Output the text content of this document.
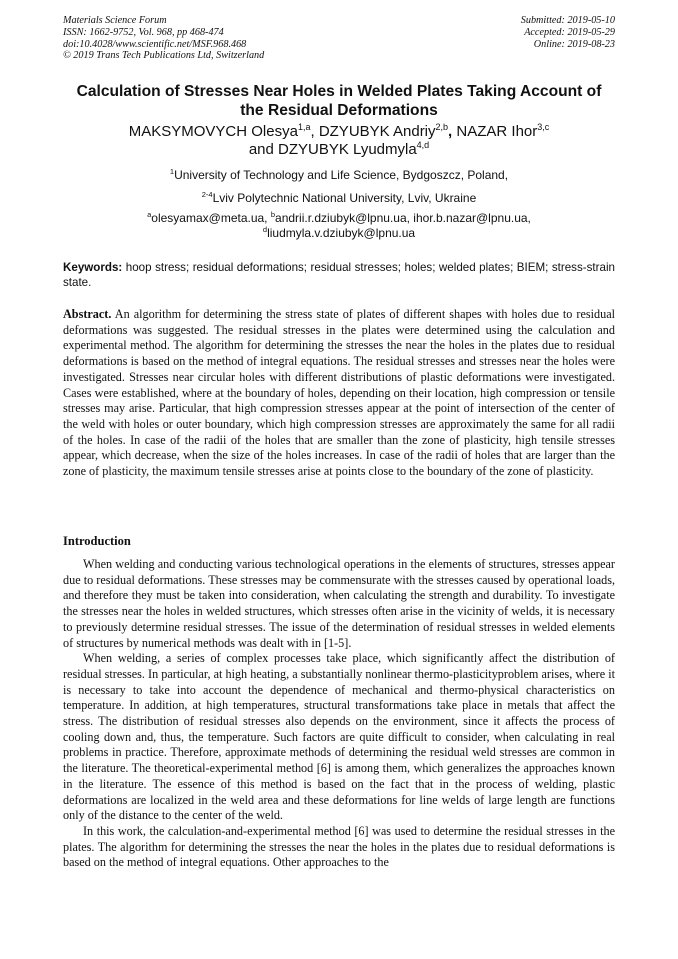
Materials Science Forum
ISSN: 1662-9752, Vol. 968, pp 468-474
doi:10.4028/www.scientific.net/MSF.968.468
© 2019 Trans Tech Publications Ltd, Switzerland
Submitted: 2019-05-10
Accepted: 2019-05-29
Online: 2019-08-23
Calculation of Stresses Near Holes in Welded Plates Taking Account of the Residual Deformations
MAKSYMOVYCH Olesya$^{1,a}$, DZYUBYK Andriy$^{2,b}$, NAZAR Ihor$^{3,c}$
and DZYUBYK Lyudmyla$^{4,d}$
$^1$University of Technology and Life Science, Bydgoszcz, Poland,
$^{2-4}$Lviv Polytechnic National University, Lviv, Ukraine
$^a$olesyamax@meta.ua, $^b$andrii.r.dziubyk@lpnu.ua, ihor.b.nazar@lpnu.ua,
$^d$liudmyla.v.dziubyk@lpnu.ua
Keywords: hoop stress; residual deformations; residual stresses; holes; welded plates; BIEM; stress-strain state.
Abstract. An algorithm for determining the stress state of plates of different shapes with holes due to residual deformations was suggested. The residual stresses in the plates were determined using the calculation and experimental method. The algorithm for determining the stresses the near the holes in the plates due to residual deformations is based on the method of integral equations. The residual stresses and stresses near the holes were investigated. Stresses near circular holes with different distributions of plastic deformations were investigated. Cases were established, where at the boundary of holes, depending on their location, high compression or tensile stresses may arise. Particular, that high compression stresses appear at the point of intersection of the center of the weld with holes or outer boundary, which high compression stresses are approximately the same for all radii of the holes. In case of the radii of the holes that are smaller than the zone of plasticity, high tensile stresses appear, which decrease, when the size of the holes increases. In case of the radii of holes that are larger than the zone of plasticity, the maximum tensile stresses arise at points close to the boundary of the zone of plasticity.
Introduction

When welding and conducting various technological operations in the elements of structures, stresses appear due to residual deformations. These stresses may be commensurate with the stresses caused by operational loads, and therefore they must be taken into consideration, when calculating the strength and durability. To investigate the stresses near the holes in welded structures, which stresses often arise in the vicinity of welds, it is necessary to previously determine residual stresses. The issue of the determination of residual stresses in welded elements of structures by numerical methods was dealt with in [1-5].

When welding, a series of complex processes take place, which significantly affect the distribution of residual stresses. In particular, at high heating, a substantially nonlinear thermo-plasticityproblem arises, where it is necessary to take into account the dependence of mechanical and thermo-physical characteristics on temperature. In addition, at high temperatures, structural transformations take place in metals that affect the stress. The distribution of residual stresses also depends on the environment, since it affects the process of cooling down and, thus, the temperature. Such factors are quite difficult to consider, when calculating in real problems in practice. Therefore, approximate methods of determining the residual weld stresses are common in the literature. The theoretical-experimental method [6] is among them, which generalizes the approaches known in the literature. The essence of this method is based on the fact that in the process of welding, plastic deformations are localized in the weld area and these deformations for line welds of large length are functions only of the distance to the center of the weld.

In this work, the calculation-and-experimental method [6] was used to determine the residual stresses in the plates. The algorithm for determining the stresses the near the holes in the plates due to residual deformations is based on the method of integral equations. Other approaches to the
